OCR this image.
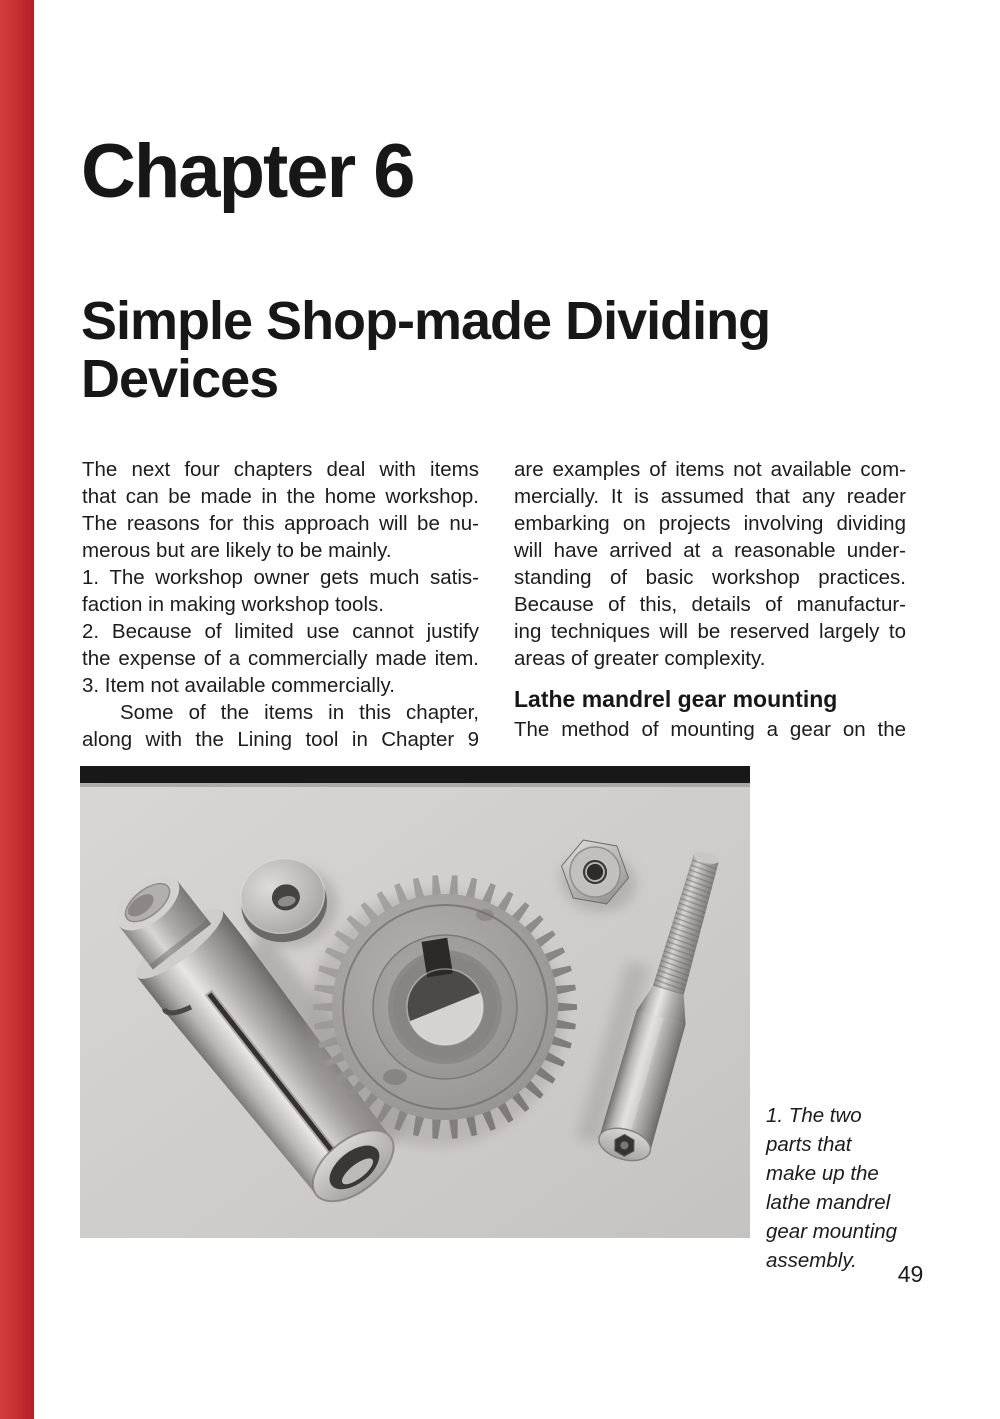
Chapter 6
Simple Shop-made Dividing
Devices
The next four chapters deal with items
that can be made in the home workshop.
The reasons for this approach will be nu-
merous but are likely to be mainly.
1. The workshop owner gets much satis-
faction in making workshop tools.
2. Because of limited use cannot justify
the expense of a commercially made item.
3. Item not available commercially.
Some of the items in this chapter,
along with the Lining tool in Chapter 9
are examples of items not available com-
mercially. It is assumed that any reader
embarking on projects involving dividing
will have arrived at a reasonable under-
standing of basic workshop practices.
Because of this, details of manufactur-
ing techniques will be reserved largely to
areas of greater complexity.
Lathe mandrel gear mounting
The method of mounting a gear on the
1. The two
parts that
make up the
lathe mandrel
gear mounting
assembly.
49
